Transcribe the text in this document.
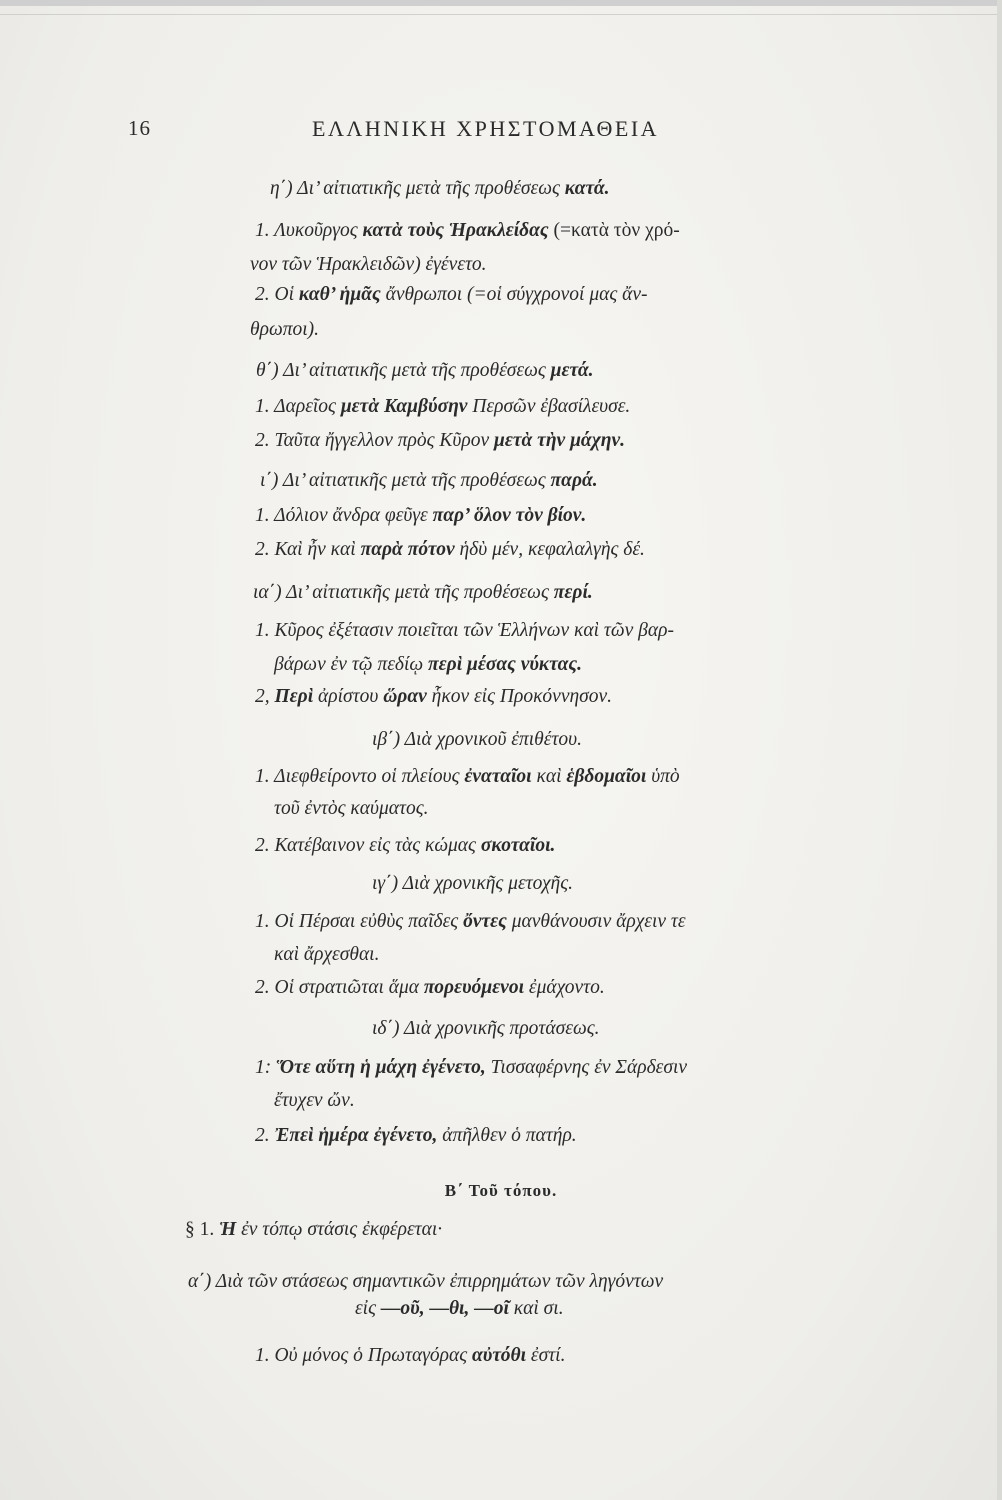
16	ΕΛΛΗΝΙΚΗ ΧΡΗΣΤΟΜΑΘΕΙΑ
η΄) Δι’ αἰτιατικῆς μετὰ τῆς προθέσεως κατά.
1. Λυκοῦργος κατὰ τοὺς Ἡρακλείδας (=κατὰ τὸν χρό-
νον τῶν Ἡρακλειδῶν) ἐγένετο.
2. Οἱ καθ’ ἡμᾶς ἄνθρωποι (=οἱ σύγχρονοί μας ἄν-
θρωποι).
θ΄) Δι’ αἰτιατικῆς μετὰ τῆς προθέσεως μετά.
1. Δαρεῖος μετὰ Καμβύσην Περσῶν ἐβασίλευσε.
2. Ταῦτα ἤγγελλον πρὸς Κῦρον μετὰ τὴν μάχην.
ι΄) Δι’ αἰτιατικῆς μετὰ τῆς προθέσεως παρά.
1. Δόλιον ἄνδρα φεῦγε παρ’ ὅλον τὸν βίον.
2. Καὶ ἦν καὶ παρὰ πότον ἡδὺ μέν, κεφαλαλγὴς δέ.
ια΄) Δι’ αἰτιατικῆς μετὰ τῆς προθέσεως περί.
1. Κῦρος ἐξέτασιν ποιεῖται τῶν Ἑλλήνων καὶ τῶν βαρ-
βάρων ἐν τῷ πεδίῳ περὶ μέσας νύκτας.
2, Περὶ ἀρίστου ὥραν ἧκον εἰς Προκόννησον.
ιβ΄) Διὰ χρονικοῦ ἐπιθέτου.
1. Διεφθείροντο οἱ πλείους ἐναταῖοι καὶ ἑβδομαῖοι ὑπὸ
τοῦ ἐντὸς καύματος.
2. Κατέβαινον εἰς τὰς κώμας σκοταῖοι.
ιγ΄) Διὰ χρονικῆς μετοχῆς.
1. Οἱ Πέρσαι εὐθὺς παῖδες ὄντες μανθάνουσιν ἄρχειν τε
καὶ ἄρχεσθαι.
2. Οἱ στρατιῶται ἅμα πορευόμενοι ἐμάχοντο.
ιδ΄) Διὰ χρονικῆς προτάσεως.
1: Ὅτε αὕτη ἡ μάχη ἐγένετο, Τισσαφέρνης ἐν Σάρδεσιν
ἔτυχεν ὤν.
2. Ἐπεὶ ἡμέρα ἐγένετο, ἀπῆλθεν ὁ πατήρ.
Β΄ Τοῦ τόπου.
§ 1. Ἡ ἐν τόπῳ στάσις ἐκφέρεται·
α΄) Διὰ τῶν στάσεως σημαντικῶν ἐπιρρημάτων τῶν ληγόντων
εἰς —οῦ, —θι, —οῖ καὶ σι.
1. Οὐ μόνος ὁ Πρωταγόρας αὐτόθι ἐστί.
